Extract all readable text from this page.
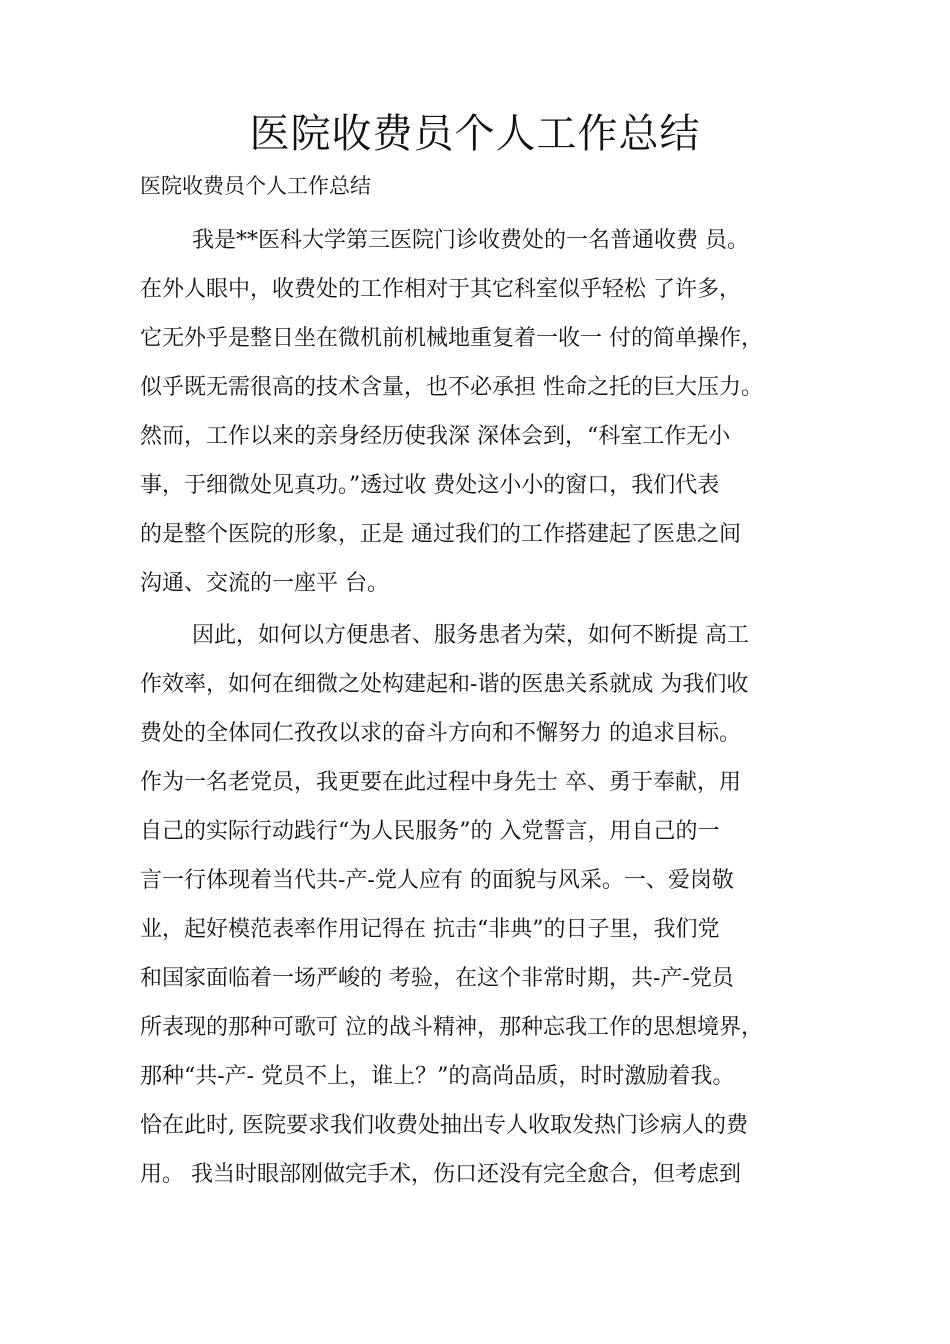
医院收费员个人工作总结
医院收费员个人工作总结
我是**医科大学第三医院门诊收费处的一名普通收费 员。
在外人眼中，收费处的工作相对于其它科室似乎轻松 了许多，
它无外乎是整日坐在微机前机械地重复着一收一 付的简单操作，
似乎既无需很高的技术含量，也不必承担 性命之托的巨大压力。
然而，工作以来的亲身经历使我深 深体会到，“科室工作无小
事，于细微处见真功。”透过收 费处这小小的窗口，我们代表
的是整个医院的形象，正是 通过我们的工作搭建起了医患之间
沟通、交流的一座平 台。
因此，如何以方便患者、服务患者为荣，如何不断提 高工
作效率，如何在细微之处构建起和-谐的医患关系就成 为我们收
费处的全体同仁孜孜以求的奋斗方向和不懈努力 的追求目标。
作为一名老党员，我更要在此过程中身先士 卒、勇于奉献，用
自己的实际行动践行“为人民服务”的 入党誓言，用自己的一
言一行体现着当代共-产-党人应有 的面貌与风采。一、爱岗敬
业，起好模范表率作用记得在 抗击“非典”的日子里，我们党
和国家面临着一场严峻的 考验，在这个非常时期，共-产-党员
所表现的那种可歌可 泣的战斗精神，那种忘我工作的思想境界，
那种“共-产- 党员不上，谁上？”的高尚品质，时时激励着我。
恰在此时, 医院要求我们收费处抽出专人收取发热门诊病人的费
用。 我当时眼部刚做完手术，伤口还没有完全愈合，但考虑到
